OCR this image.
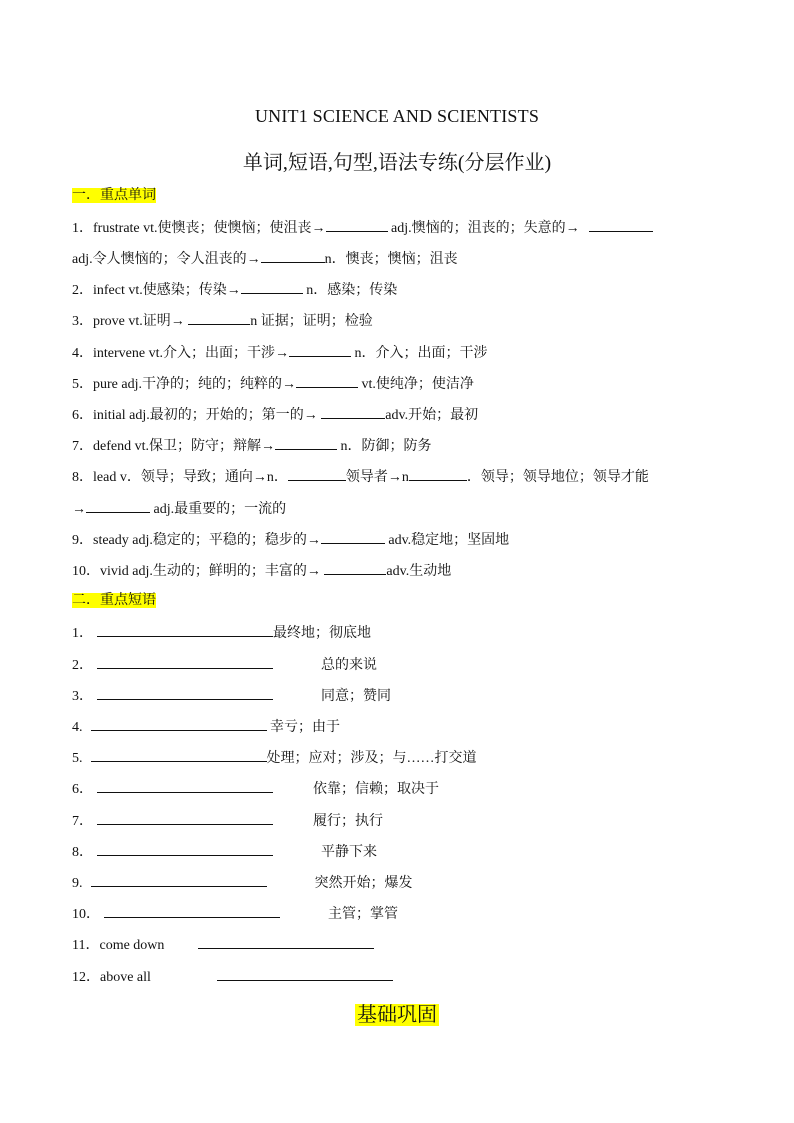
UNIT1 SCIENCE AND SCIENTISTS
单词,短语,句型,语法专练(分层作业)
一．重点单词
1．frustrate vt.使懊丧；使懊恼；使沮丧→	adj.懊恼的；沮丧的；失意的→
adj.令人懊恼的；令人沮丧的→	n．懊丧；懊恼；沮丧
2．infect vt.使感染；传染→	n．感染；传染
3．prove vt.证明→	n 证据；证明；检验
4．intervene vt.介入；出面；干涉→	n．介入；出面；干涉
5．pure adj.干净的；纯的；纯粹的→	vt.使纯净；使洁净
6．initial adj.最初的；开始的；第一的→	adv.开始；最初
7．defend vt.保卫；防守；辩解→	n．防御；防务
8．lead v．领导；导致；通向→n．	领导者→n	．领导；领导地位；领导才能
→	adj.最重要的；一流的
9．steady adj.稳定的；平稳的；稳步的→	adv.稳定地；坚固地
10．vivid adj.生动的；鲜明的；丰富的→	adv.生动地
二．重点短语
1．	最终地；彻底地
2．	总的来说
3．	同意；赞同
4.	幸亏；由于
5.	处理；应对；涉及；与……打交道
6．	依靠；信赖；取决于
7．	履行；执行
8．	平静下来
9.	突然开始；爆发
10．	主管；掌管
11．come down
12．above all
基础巩固
